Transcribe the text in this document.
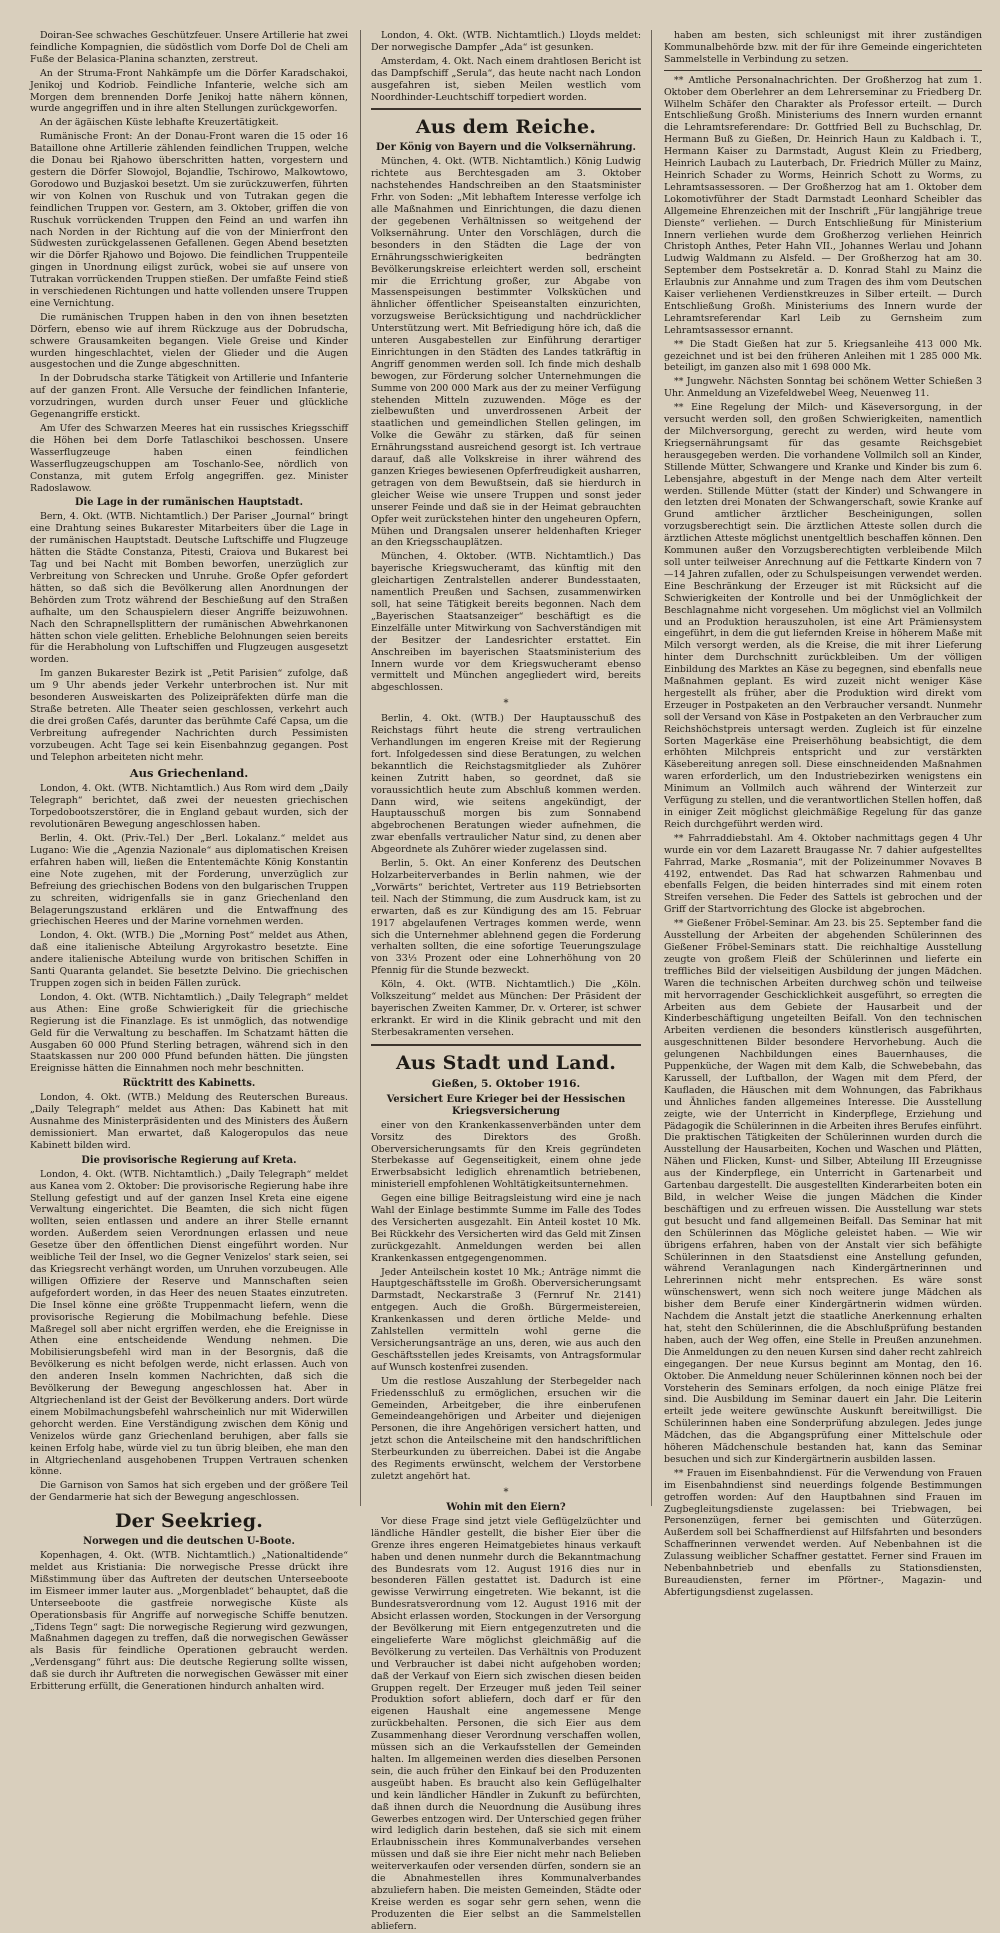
Doiran-See schwaches Geschützfeuer. Unsere Artillerie hat zwei feindliche Kompagnien, die südöstlich vom Dorfe Dol de Cheli am Fuße der Belasica-Planina schanzten, zerstreut.

An der Struma-Front Nahkämpfe um die Dörfer Karadschakoi, Jenikoj und Kodriob. Feindliche Infanterie, welche sich am Morgen dem brennenden Dorfe Jenikoj hatte nähern können, wurde angegriffen und in ihre alten Stellungen zurückgeworfen.

An der ägäischen Küste lebhafte Kreuzertätigkeit.

Rumänische Front: An der Donau-Front waren die 15 oder 16 Bataillone ohne Artillerie zählenden feindlichen Truppen, welche die Donau bei Rjahowo überschritten hatten, vorgestern und gestern die Dörfer Slowojol, Bojandlie, Tschirowo, Malkowtowo, Gorodowo und Buzjaskoi besetzt. Um sie zurückzuwerfen, führten wir von Kolnen von Ruschuk und von Tutrakan gegen die feindlichen Truppen vor. Gestern, am 3. Oktober, griffen die von Ruschuk vorrückenden Truppen den Feind an und warfen ihn nach Norden in der Richtung auf die von der Minierfront den Südwesten zurückgelassenen Gefallenen. Gegen Abend besetzten wir die Dörfer Rjahowo und Bojowo. Die feindlichen Truppenteile gingen in Unordnung eiligst zurück, wobei sie auf unsere von Tutrakan vorrückenden Truppen stießen. Der umfaßte Feind stieß in verschiedenen Richtungen und hatte vollenden unsere Truppen eine Vernichtung.

Die rumänischen Truppen haben in den von ihnen besetzten Dörfern, ebenso wie auf ihrem Rückzuge aus der Dobrudscha, schwere Grausamkeiten begangen. Viele Greise und Kinder wurden hingeschlachtet, vielen der Glieder und die Augen ausgestochen und die Zunge abgeschnitten.

In der Dobrudscha starke Tätigkeit von Artillerie und Infanterie auf der ganzen Front. Alle Versuche der feindlichen Infanterie, vorzudringen, wurden durch unser Feuer und glückliche Gegenangriffe erstickt.

Am Ufer des Schwarzen Meeres hat ein russisches Kriegsschiff die Höhen bei dem Dorfe Tatlaschikoi beschossen. Unsere Wasserflugzeuge haben einen feindlichen Wasserflugzeugschuppen am Toschanlo-See, nördlich von Constanza, mit gutem Erfolg angegriffen. gez. Minister Radoslawow.

Die Lage in der rumänischen Hauptstadt.

Bern, 4. Okt. (WTB. Nichtamtlich.) Der Pariser „Journal“ bringt eine Drahtung seines Bukarester Mitarbeiters über die Lage in der rumänischen Hauptstadt. Deutsche Luftschiffe und Flugzeuge hätten die Städte Constanza, Pitesti, Craiova und Bukarest bei Tag und bei Nacht mit Bomben beworfen, unerzüglich zur Verbreitung von Schrecken und Unruhe. Große Opfer gefordert hätten, so daß sich die Bevölkerung allen Anordnungen der Behörden zum Trotz während der Beschießung auf den Straßen aufhalte, um den Schauspielern dieser Angriffe beizuwohnen. Nach den Schrapnellsplittern der rumänischen Abwehrkanonen hätten schon viele gelitten. Erhebliche Belohnungen seien bereits für die Herabholung von Luftschiffen und Flugzeugen ausgesetzt worden.

Im ganzen Bukarester Bezirk ist „Petit Parisien“ zufolge, daß um 9 Uhr abends jeder Verkehr unterbrochen ist. Nur mit besonderen Ausweiskarten des Polizeipräfekten dürfe man die Straße betreten. Alle Theater seien geschlossen, verkehrt auch die drei großen Cafés, darunter das berühmte Café Capsa, um die Verbreitung aufregender Nachrichten durch Pessimisten vorzubeugen. Acht Tage sei kein Eisenbahnzug gegangen. Post und Telephon arbeiteten nicht mehr.

Aus Griechenland.

London, 4. Okt. (WTB. Nichtamtlich.) Aus Rom wird dem „Daily Telegraph“ berichtet, daß zwei der neuesten griechischen Torpedobootszerstörer, die in England gebaut wurden, sich der revolutionären Bewegung angeschlossen haben.

Berlin, 4. Okt. (Priv.-Tel.) Der „Berl. Lokalanz.“ meldet aus Lugano: Wie die „Agenzia Nazionale“ aus diplomatischen Kreisen erfahren haben will, ließen die Ententemächte König Konstantin eine Note zugehen, mit der Forderung, unverzüglich zur Befreiung des griechischen Bodens von den bulgarischen Truppen zu schreiten, widrigenfalls sie in ganz Griechenland den Belagerungszustand erklären und die Entwaffnung des griechischen Heeres und der Marine vornehmen werden.

London, 4. Okt. (WTB.) Die „Morning Post“ meldet aus Athen, daß eine italienische Abteilung Argyrokastro besetzte. Eine andere italienische Abteilung wurde von britischen Schiffen in Santi Quaranta gelandet. Sie besetzte Delvino. Die griechischen Truppen zogen sich in beiden Fällen zurück.

London, 4. Okt. (WTB. Nichtamtlich.) „Daily Telegraph“ meldet aus Athen: Eine große Schwierigkeit für die griechische Regierung ist die Finanzlage. Es ist unmöglich, das notwendige Geld für die Verwaltung zu beschaffen. Im Schatzamt hätten die Ausgaben 60 000 Pfund Sterling betragen, während sich in den Staatskassen nur 200 000 Pfund befunden hätten. Die jüngsten Ereignisse hätten die Einnahmen noch mehr beschnitten.

Rücktritt des Kabinetts.

London, 4. Okt. (WTB.) Meldung des Reuterschen Bureaus. „Daily Telegraph“ meldet aus Athen: Das Kabinett hat mit Ausnahme des Ministerpräsidenten und des Ministers des Äußern demissioniert. Man erwartet, daß Kalogeropulos das neue Kabinett bilden wird.

Die provisorische Regierung auf Kreta.

London, 4. Okt. (WTB. Nichtamtlich.) „Daily Telegraph“ meldet aus Kanea vom 2. Oktober: Die provisorische Regierung habe ihre Stellung gefestigt und auf der ganzen Insel Kreta eine eigene Verwaltung eingerichtet. Die Beamten, die sich nicht fügen wollten, seien entlassen und andere an ihrer Stelle ernannt worden. Außerdem seien Verordnungen erlassen und neue Gesetze über den öffentlichen Dienst eingeführt worden. Nur weibliche Teil der Insel, wo die Gegner Venizelos' stark seien, sei das Kriegsrecht verhängt worden, um Unruhen vorzubeugen. Alle willigen Offiziere der Reserve und Mannschaften seien aufgefordert worden, in das Heer des neuen Staates einzutreten. Die Insel könne eine größte Truppenmacht liefern, wenn die provisorische Regierung die Mobilmachung befehle. Diese Maßregel soll aber nicht ergriffen werden, ehe die Ereignisse in Athen eine entscheidende Wendung nehmen. Die Mobilisierungsbefehl wird man in der Besorgnis, daß die Bevölkerung es nicht befolgen werde, nicht erlassen. Auch von den anderen Inseln kommen Nachrichten, daß sich die Bevölkerung der Bewegung angeschlossen hat. Aber in Altgriechenland ist der Geist der Bevölkerung anders. Dort würde einem Mobilmachungsbefehl wahrscheinlich nur mit Widerwillen gehorcht werden. Eine Verständigung zwischen dem König und Venizelos würde ganz Griechenland beruhigen, aber falls sie keinen Erfolg habe, würde viel zu tun übrig bleiben, ehe man den in Altgriechenland ausgehobenen Truppen Vertrauen schenken könne.

Die Garnison von Samos hat sich ergeben und der größere Teil der Gendarmerie hat sich der Bewegung angeschlossen.

Der Seekrieg.
Norwegen und die deutschen U-Boote.

Kopenhagen, 4. Okt. (WTB. Nichtamtlich.) „Nationaltidende“ meldet aus Kristiania: Die norwegische Presse drückt ihre Mißstimmung über das Auftreten der deutschen Unterseeboote im Eismeer immer lauter aus. „Morgenbladet“ behauptet, daß die Unterseeboote die gastfreie norwegische Küste als Operationsbasis für Angriffe auf norwegische Schiffe benutzen. „Tidens Tegn“ sagt: Die norwegische Regierung wird gezwungen, Maßnahmen dagegen zu treffen, daß die norwegischen Gewässer als Basis für feindliche Operationen gebraucht werden. „Verdensgang“ führt aus: Die deutsche Regierung sollte wissen, daß sie durch ihr Auftreten die norwegischen Gewässer mit einer Erbitterung erfüllt, die Generationen hindurch anhalten wird.

London, 4. Okt. (WTB. Nichtamtlich.) Lloyds meldet: Der norwegische Dampfer „Ada“ ist gesunken.

Amsterdam, 4. Okt. Nach einem drahtlosen Bericht ist das Dampfschiff „Serula“, das heute nacht nach London ausgefahren ist, sieben Meilen westlich vom Noordhinder-Leuchtschiff torpediert worden.

Aus dem Reiche.
Der König von Bayern und die Volksernährung.

München, 4. Okt. (WTB. Nichtamtlich.) König Ludwig richtete aus Berchtesgaden am 3. Oktober nachstehendes Handschreiben an den Staatsminister Frhr. von Soden: „Mit lebhaftem Interesse verfolge ich alle Maßnahmen und Einrichtungen, die dazu dienen der gegebenen Verhältnissen so weitgehend der Volksernährung. Unter den Vorschlägen, durch die besonders in den Städten die Lage der von Ernährungsschwierigkeiten bedrängten Bevölkerungskreise erleichtert werden soll, erscheint mir die Errichtung großer, zur Abgabe von Massenspeisungen bestimmter Volksküchen und ähnlicher öffentlicher Speiseanstalten einzurichten, vorzugsweise Berücksichtigung und nachdrücklicher Unterstützung wert. Mit Befriedigung höre ich, daß die unteren Ausgabestellen zur Einführung derartiger Einrichtungen in den Städten des Landes tatkräftig in Angriff genommen werden soll. Ich finde mich deshalb bewogen, zur Förderung solcher Unternehmungen die Summe von 200 000 Mark aus der zu meiner Verfügung stehenden Mitteln zuzuwenden. Möge es der zielbewußten und unverdrossenen Arbeit der staatlichen und gemeindlichen Stellen gelingen, im Volke die Gewähr zu stärken, daß für seinen Ernährungsstand ausreichend gesorgt ist. Ich vertraue darauf, daß alle Volkskreise in ihrer während des ganzen Krieges bewiesenen Opferfreudigkeit ausharren, getragen von dem Bewußtsein, daß sie hierdurch in gleicher Weise wie unsere Truppen und sonst jeder unserer Feinde und daß sie in der Heimat gebrauchten Opfer weit zurückstehen hinter den ungeheuren Opfern, Mühen und Drangsalen unserer heldenhaften Krieger an den Kriegsschauplätzen.

München, 4. Oktober. (WTB. Nichtamtlich.) Das bayerische Kriegswucheramt, das künftig mit den gleichartigen Zentralstellen anderer Bundesstaaten, namentlich Preußen und Sachsen, zusammenwirken soll, hat seine Tätigkeit bereits begonnen. Nach dem „Bayerischen Staatsanzeiger“ beschäftigt es die Einzelfälle unter Mitwirkung von Sachverständigen mit der Besitzer der Landesrichter erstattet. Ein Anschreiben im bayerischen Staatsministerium des Innern wurde vor dem Kriegswucheramt ebenso vermittelt und München angegliedert wird, bereits abgeschlossen.

*

Berlin, 4. Okt. (WTB.) Der Hauptausschuß des Reichstags führt heute die streng vertraulichen Verhandlungen im engeren Kreise mit der Regierung fort. Infolgedessen sind diese Beratungen, zu welchen bekanntlich die Reichstagsmitglieder als Zuhörer keinen Zutritt haben, so geordnet, daß sie voraussichtlich heute zum Abschluß kommen werden. Dann wird, wie seitens angekündigt, der Hauptausschuß morgen bis zum Sonnabend abgebrochenen Beratungen wieder aufnehmen, die zwar ebenfalls vertraulicher Natur sind, zu denen aber Abgeordnete als Zuhörer wieder zugelassen sind.

Berlin, 5. Okt. An einer Konferenz des Deutschen Holzarbeiterverbandes in Berlin nahmen, wie der „Vorwärts“ berichtet, Vertreter aus 119 Betriebsorten teil. Nach der Stimmung, die zum Ausdruck kam, ist zu erwarten, daß es zur Kündigung des am 15. Februar 1917 abgelaufenen Vertrages kommen werde, wenn sich die Unternehmer ablehnend gegen die Forderung verhalten sollten, die eine sofortige Teuerungszulage von 33⅓ Prozent oder eine Lohnerhöhung von 20 Pfennig für die Stunde bezweckt.

Köln, 4. Okt. (WTB. Nichtamtlich.) Die „Köln. Volkszeitung“ meldet aus München: Der Präsident der bayerischen Zweiten Kammer, Dr. v. Orterer, ist schwer erkrankt. Er wird in die Klinik gebracht und mit den Sterbesakramenten versehen.

Aus Stadt und Land.
Gießen, 5. Oktober 1916.
Versichert Eure Krieger bei der Hessischen Kriegsversicherung

einer von den Krankenkassenverbänden unter dem Vorsitz des Direktors des Großh. Oberversicherungsamts für den Kreis gegründeten Sterbekasse auf Gegenseitigkeit, einem ohne jede Erwerbsabsicht lediglich ehrenamtlich betriebenen, ministeriell empfohlenen Wohltätigkeitsunternehmen.

Gegen eine billige Beitragsleistung wird eine je nach Wahl der Einlage bestimmte Summe im Falle des Todes des Versicherten ausgezahlt. Ein Anteil kostet 10 Mk. Bei Rückkehr des Versicherten wird das Geld mit Zinsen zurückgezahlt. Anmeldungen werden bei allen Krankenkassen entgegengenommen.

Jeder Anteilschein kostet 10 Mk.; Anträge nimmt die Hauptgeschäftsstelle im Großh. Oberversicherungsamt Darmstadt, Neckarstraße 3 (Fernruf Nr. 2141) entgegen. Auch die Großh. Bürgermeistereien, Krankenkassen und deren örtliche Melde- und Zahlstellen vermitteln wohl gerne die Versicherungsanträge an uns, deren, wie aus auch den Geschäftsstellen jedes Kreisamts, von Antragsformular auf Wunsch kostenfrei zusenden.

Um die restlose Auszahlung der Sterbegelder nach Friedensschluß zu ermöglichen, ersuchen wir die Gemeinden, Arbeitgeber, die ihre einberufenen Gemeindeangehörigen und Arbeiter und diejenigen Personen, die ihre Angehörigen versichert hatten, und jetzt schon die Anteilscheine mit den handschriftlichen Sterbeurkunden zu überreichen. Dabei ist die Angabe des Regiments erwünscht, welchem der Verstorbene zuletzt angehört hat.

*
Wohin mit den Eiern?

Vor diese Frage sind jetzt viele Geflügelzüchter und ländliche Händler gestellt, die bisher Eier über die Grenze ihres engeren Heimatgebietes hinaus verkauft haben und denen nunmehr durch die Bekanntmachung des Bundesrats vom 12. August 1916 dies nur in besonderen Fällen gestattet ist. Dadurch ist eine gewisse Verwirrung eingetreten. Wie bekannt, ist die Bundesratsverordnung vom 12. August 1916 mit der Absicht erlassen worden, Stockungen in der Versorgung der Bevölkerung mit Eiern entgegenzutreten und die eingelieferte Ware möglichst gleichmäßig auf die Bevölkerung zu verteilen. Das Verhältnis von Produzent und Verbraucher ist dabei nicht aufgehoben worden; daß der Verkauf von Eiern sich zwischen diesen beiden Gruppen regelt. Der Erzeuger muß jeden Teil seiner Produktion sofort abliefern, doch darf er für den eigenen Haushalt eine angemessene Menge zurückbehalten. Personen, die sich Eier aus dem Zusammenhang dieser Verordnung verschaffen wollen, müssen sich an die Verkaufsstellen der Gemeinden halten. Im allgemeinen werden dies dieselben Personen sein, die auch früher den Einkauf bei den Produzenten ausgeübt haben. Es braucht also kein Geflügelhalter und kein ländlicher Händler in Zukunft zu befürchten, daß ihnen durch die Neuordnung die Ausübung ihres Gewerbes entzogen wird. Der Unterschied gegen früher wird lediglich darin bestehen, daß sie sich mit einem Erlaubnisschein ihres Kommunalverbandes versehen müssen und daß sie ihre Eier nicht mehr nach Belieben weiterverkaufen oder versenden dürfen, sondern sie an die Abnahmestellen ihres Kommunalverbandes abzuliefern haben. Die meisten Gemeinden, Städte oder Kreise werden es sogar sehr gern sehen, wenn die Produzenten die Eier selbst an die Sammelstellen abliefern.

haben am besten, sich schleunigst mit ihrer zuständigen Kommunalbehörde bzw. mit der für ihre Gemeinde eingerichteten Sammelstelle in Verbindung zu setzen.

** Amtliche Personalnachrichten. Der Großherzog hat zum 1. Oktober dem Oberlehrer an dem Lehrerseminar zu Friedberg Dr. Wilhelm Schäfer den Charakter als Professor erteilt. — Durch Entschließung Großh. Ministeriums des Innern wurden ernannt die Lehramtsreferendare: Dr. Gottfried Bell zu Buchschlag, Dr. Hermann Buß zu Gießen, Dr. Heinrich Haun zu Kaldbach i. T., Hermann Kaiser zu Darmstadt, August Klein zu Friedberg, Heinrich Laubach zu Lauterbach, Dr. Friedrich Müller zu Mainz, Heinrich Schader zu Worms, Heinrich Schott zu Worms, zu Lehramtsassessoren. — Der Großherzog hat am 1. Oktober dem Lokomotivführer der Stadt Darmstadt Leonhard Scheibler das Allgemeine Ehrenzeichen mit der Inschrift „Für langjährige treue Dienste“ verliehen. — Durch Entschließung für Ministerium Innern verliehen wurde dem Großherzog verliehen Heinrich Christoph Anthes, Peter Hahn VII., Johannes Werlau und Johann Ludwig Waldmann zu Alsfeld. — Der Großherzog hat am 30. September dem Postsekretär a. D. Konrad Stahl zu Mainz die Erlaubnis zur Annahme und zum Tragen des ihm vom Deutschen Kaiser verliehenen Verdienstkreuzes in Silber erteilt. — Durch Entschließung Großh. Ministeriums des Innern wurde der Lehramtsreferendar Karl Leib zu Gernsheim zum Lehramtsassessor ernannt.

** Die Stadt Gießen hat zur 5. Kriegsanleihe 413 000 Mk. gezeichnet und ist bei den früheren Anleihen mit 1 285 000 Mk. beteiligt, im ganzen also mit 1 698 000 Mk.

** Jungwehr. Nächsten Sonntag bei schönem Wetter Schießen 3 Uhr. Anmeldung an Vizefeldwebel Weeg, Neuenweg 11.

** Eine Regelung der Milch- und Käseversorgung, in der versucht werden soll, den großen Schwierigkeiten, namentlich der Milchversorgung, gerecht zu werden, wird heute vom Kriegsernährungsamt für das gesamte Reichsgebiet herausgegeben werden. Die vorhandene Vollmilch soll an Kinder, Stillende Mütter, Schwangere und Kranke und Kinder bis zum 6. Lebensjahre, abgestuft in der Menge nach dem Alter verteilt werden. Stillende Mütter (statt der Kinder) und Schwangere in den letzten drei Monaten der Schwangerschaft, sowie Kranke auf Grund amtlicher ärztlicher Bescheinigungen, sollen vorzugsberechtigt sein. Die ärztlichen Atteste sollen durch die ärztlichen Atteste möglichst unentgeltlich beschaffen können. Den Kommunen außer den Vorzugsberechtigten verbleibende Milch soll unter teilweiser Anrechnung auf die Fettkarte Kindern von 7—14 Jahren zufallen, oder zu Schulspeisungen verwendet werden. Eine Beschränkung der Erzeuger ist mit Rücksicht auf die Schwierigkeiten der Kontrolle und bei der Unmöglichkeit der Beschlagnahme nicht vorgesehen. Um möglichst viel an Vollmilch und an Produktion herauszuholen, ist eine Art Prämiensystem eingeführt, in dem die gut liefernden Kreise in höherem Maße mit Milch versorgt werden, als die Kreise, die mit ihrer Lieferung hinter dem Durchschnitt zurückbleiben. Um der völligen Einbildung des Marktes an Käse zu begegnen, sind ebenfalls neue Maßnahmen geplant. Es wird zuzeit nicht weniger Käse hergestellt als früher, aber die Produktion wird direkt vom Erzeuger in Postpaketen an den Verbraucher versandt. Nunmehr soll der Versand von Käse in Postpaketen an den Verbraucher zum Reichshöchstpreis untersagt werden. Zugleich ist für einzelne Sorten Magerkäse eine Preiserhöhung beabsichtigt, die dem erhöhten Milchpreis entspricht und zur verstärkten Käsebereitung anregen soll. Diese einschneidenden Maßnahmen waren erforderlich, um den Industriebezirken wenigstens ein Minimum an Vollmilch auch während der Winterzeit zur Verfügung zu stellen, und die verantwortlichen Stellen hoffen, daß in einiger Zeit möglichst gleichmäßige Regelung für das ganze Reich durchgeführt werden wird.

** Fahrraddiebstahl. Am 4. Oktober nachmittags gegen 4 Uhr wurde ein vor dem Lazarett Braugasse Nr. 7 dahier aufgestelltes Fahrrad, Marke „Rosmania“, mit der Polizeinummer Novaves B 4192, entwendet. Das Rad hat schwarzen Rahmenbau und ebenfalls Felgen, die beiden hinterrades sind mit einem roten Streifen versehen. Die Feder des Sattels ist gebrochen und der Griff der Startvorrichtung des Glocke ist abgebrochen.

** Gießener Fröbel-Seminar. Am 23. bis 25. September fand die Ausstellung der Arbeiten der abgehenden Schülerinnen des Gießener Fröbel-Seminars statt. Die reichhaltige Ausstellung zeugte von großem Fleiß der Schülerinnen und lieferte ein treffliches Bild der vielseitigen Ausbildung der jungen Mädchen. Waren die technischen Arbeiten durchweg schön und teilweise mit hervorragender Geschicklichkeit ausgeführt, so erregten die Arbeiten aus dem Gebiete der Hausarbeit und der Kinderbeschäftigung ungeteilten Beifall. Von den technischen Arbeiten verdienen die besonders künstlerisch ausgeführten, ausgeschnittenen Bilder besondere Hervorhebung. Auch die gelungenen Nachbildungen eines Bauernhauses, die Puppenküche, der Wagen mit dem Kalb, die Schwebebahn, das Karussell, der Luftballon, der Wagen mit dem Pferd, der Kaufladen, die Häuschen mit dem Wohnungen, das Fabrikhaus und Ähnliches fanden allgemeines Interesse. Die Ausstellung zeigte, wie der Unterricht in Kinderpflege, Erziehung und Pädagogik die Schülerinnen in die Arbeiten ihres Berufes einführt. Die praktischen Tätigkeiten der Schülerinnen wurden durch die Ausstellung der Hausarbeiten, Kochen und Waschen und Plätten, Nähen und Flicken, Kunst- und Silber, Abteilung III Erzeugnisse aus der Kinderpflege, ein Unterricht in Gartenarbeit und Gartenbau dargestellt. Die ausgestellten Kinderarbeiten boten ein Bild, in welcher Weise die jungen Mädchen die Kinder beschäftigen und zu erfreuen wissen. Die Ausstellung war stets gut besucht und fand allgemeinen Beifall. Das Seminar hat mit den Schülerinnen das Mögliche geleistet haben. — Wie wir übrigens erfahren, haben von der Anstalt vier sich befähigte Schülerinnen in den Staatsdienst eine Anstellung gefunden, während Veranlagungen nach Kindergärtnerinnen und Lehrerinnen nicht mehr entsprechen. Es wäre sonst wünschenswert, wenn sich noch weitere junge Mädchen als bisher dem Berufe einer Kindergärtnerin widmen würden. Nachdem die Anstalt jetzt die staatliche Anerkennung erhalten hat, steht den Schülerinnen, die die Abschlußprüfung bestanden haben, auch der Weg offen, eine Stelle in Preußen anzunehmen. Die Anmeldungen zu den neuen Kursen sind daher recht zahlreich eingegangen. Der neue Kursus beginnt am Montag, den 16. Oktober. Die Anmeldung neuer Schülerinnen können noch bei der Vorsteherin des Seminars erfolgen, da noch einige Plätze frei sind. Die Ausbildung im Seminar dauert ein Jahr. Die Leiterin erteilt jede weitere gewünschte Auskunft bereitwilligst. Die Schülerinnen haben eine Sonderprüfung abzulegen. Jedes junge Mädchen, das die Abgangsprüfung einer Mittelschule oder höheren Mädchenschule bestanden hat, kann das Seminar besuchen und sich zur Kindergärtnerin ausbilden lassen.

** Frauen im Eisenbahndienst. Für die Verwendung von Frauen im Eisenbahndienst sind neuerdings folgende Bestimmungen getroffen worden: Auf den Hauptbahnen sind Frauen im Zugbegleitungsdienste zugelassen: bei Triebwagen, bei Personenzügen, ferner bei gemischten und Güterzügen. Außerdem soll bei Schaffnerdienst auf Hilfsfahrten und besonders Schaffnerinnen verwendet werden. Auf Nebenbahnen ist die Zulassung weiblicher Schaffner gestattet. Ferner sind Frauen im Nebenbahnbetrieb und ebenfalls zu Stationsdiensten, Bureaudiensten, ferner im Pförtner-, Magazin- und Abfertigungsdienst zugelassen.
